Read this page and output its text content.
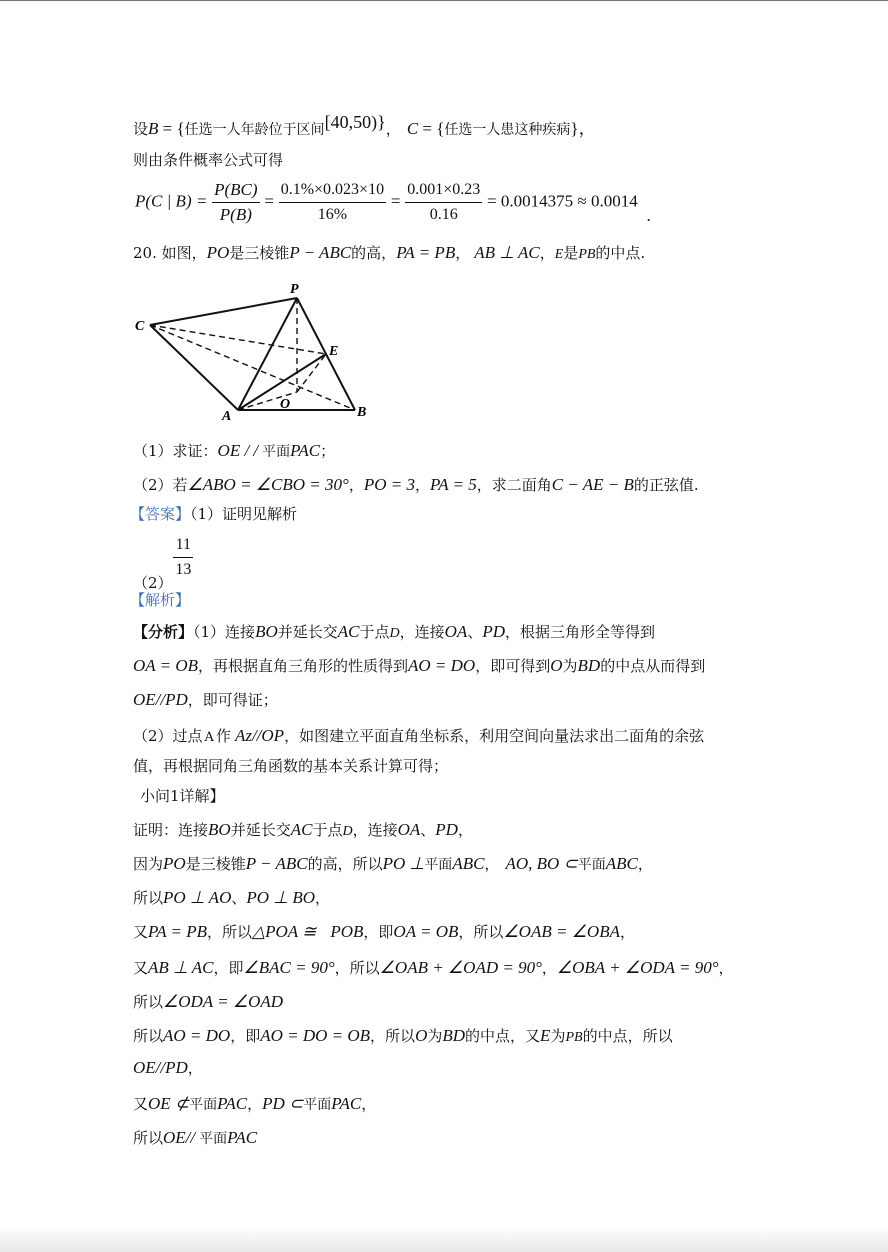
设B = {任选一人年龄位于区间[40,50)}， C = {任选一人患这种疾病}，
则由条件概率公式可得
P(C | $B) = \frac{P(BC)}{P(B)} = \frac{0.1\%\times 0.023\times 10}{16\%} = \frac{0.001\times 0.23}{0.16} = 0.0014375 \approx 0.0014$ .
20. 如图，PO是三棱锥P − ABC的高，PA = PB， AB ⊥ AC，E是PB的中点.
P
C
E
A
O
B
（1）求证：OE / / 平面PAC；
（2）若∠ABO = ∠CBO = 30°，PO = 3，PA = 5，求二面角C − AE − B的正弦值.
【答案】（1）证明见解析
（2）
$\frac{11}{13}$
【解析】
【分析】（1）连接BO并延长交AC于点D，连接OA、PD，根据三角形全等得到
OA = OB，再根据直角三角形的性质得到AO = DO，即可得到O为BD的中点从而得到
OE//PD，即可得证；
（2）过点 A 作 Az//OP，如图建立平面直角坐标系，利用空间向量法求出二面角的余弦
值，再根据同角三角函数的基本关系计算可得；
小问1详解】
证明：连接BO并延长交AC于点D，连接OA、PD，
因为PO是三棱锥P − ABC的高，所以PO ⊥平面ABC， AO, BO ⊂平面ABC，
所以PO ⊥ AO、PO ⊥ BO，
又PA = PB，所以△POA ≅ POB，即OA = OB，所以∠OAB = ∠OBA，
又AB ⊥ AC，即∠BAC = 90°，所以∠OAB + ∠OAD = 90°，∠OBA + ∠ODA = 90°，
所以∠ODA = ∠OAD
所以AO = DO，即AO = DO = OB，所以O为BD的中点，又E为PB的中点，所以
OE//PD，
又OE ⊄平面PAC，PD ⊂平面PAC，
所以OE// 平面PAC
